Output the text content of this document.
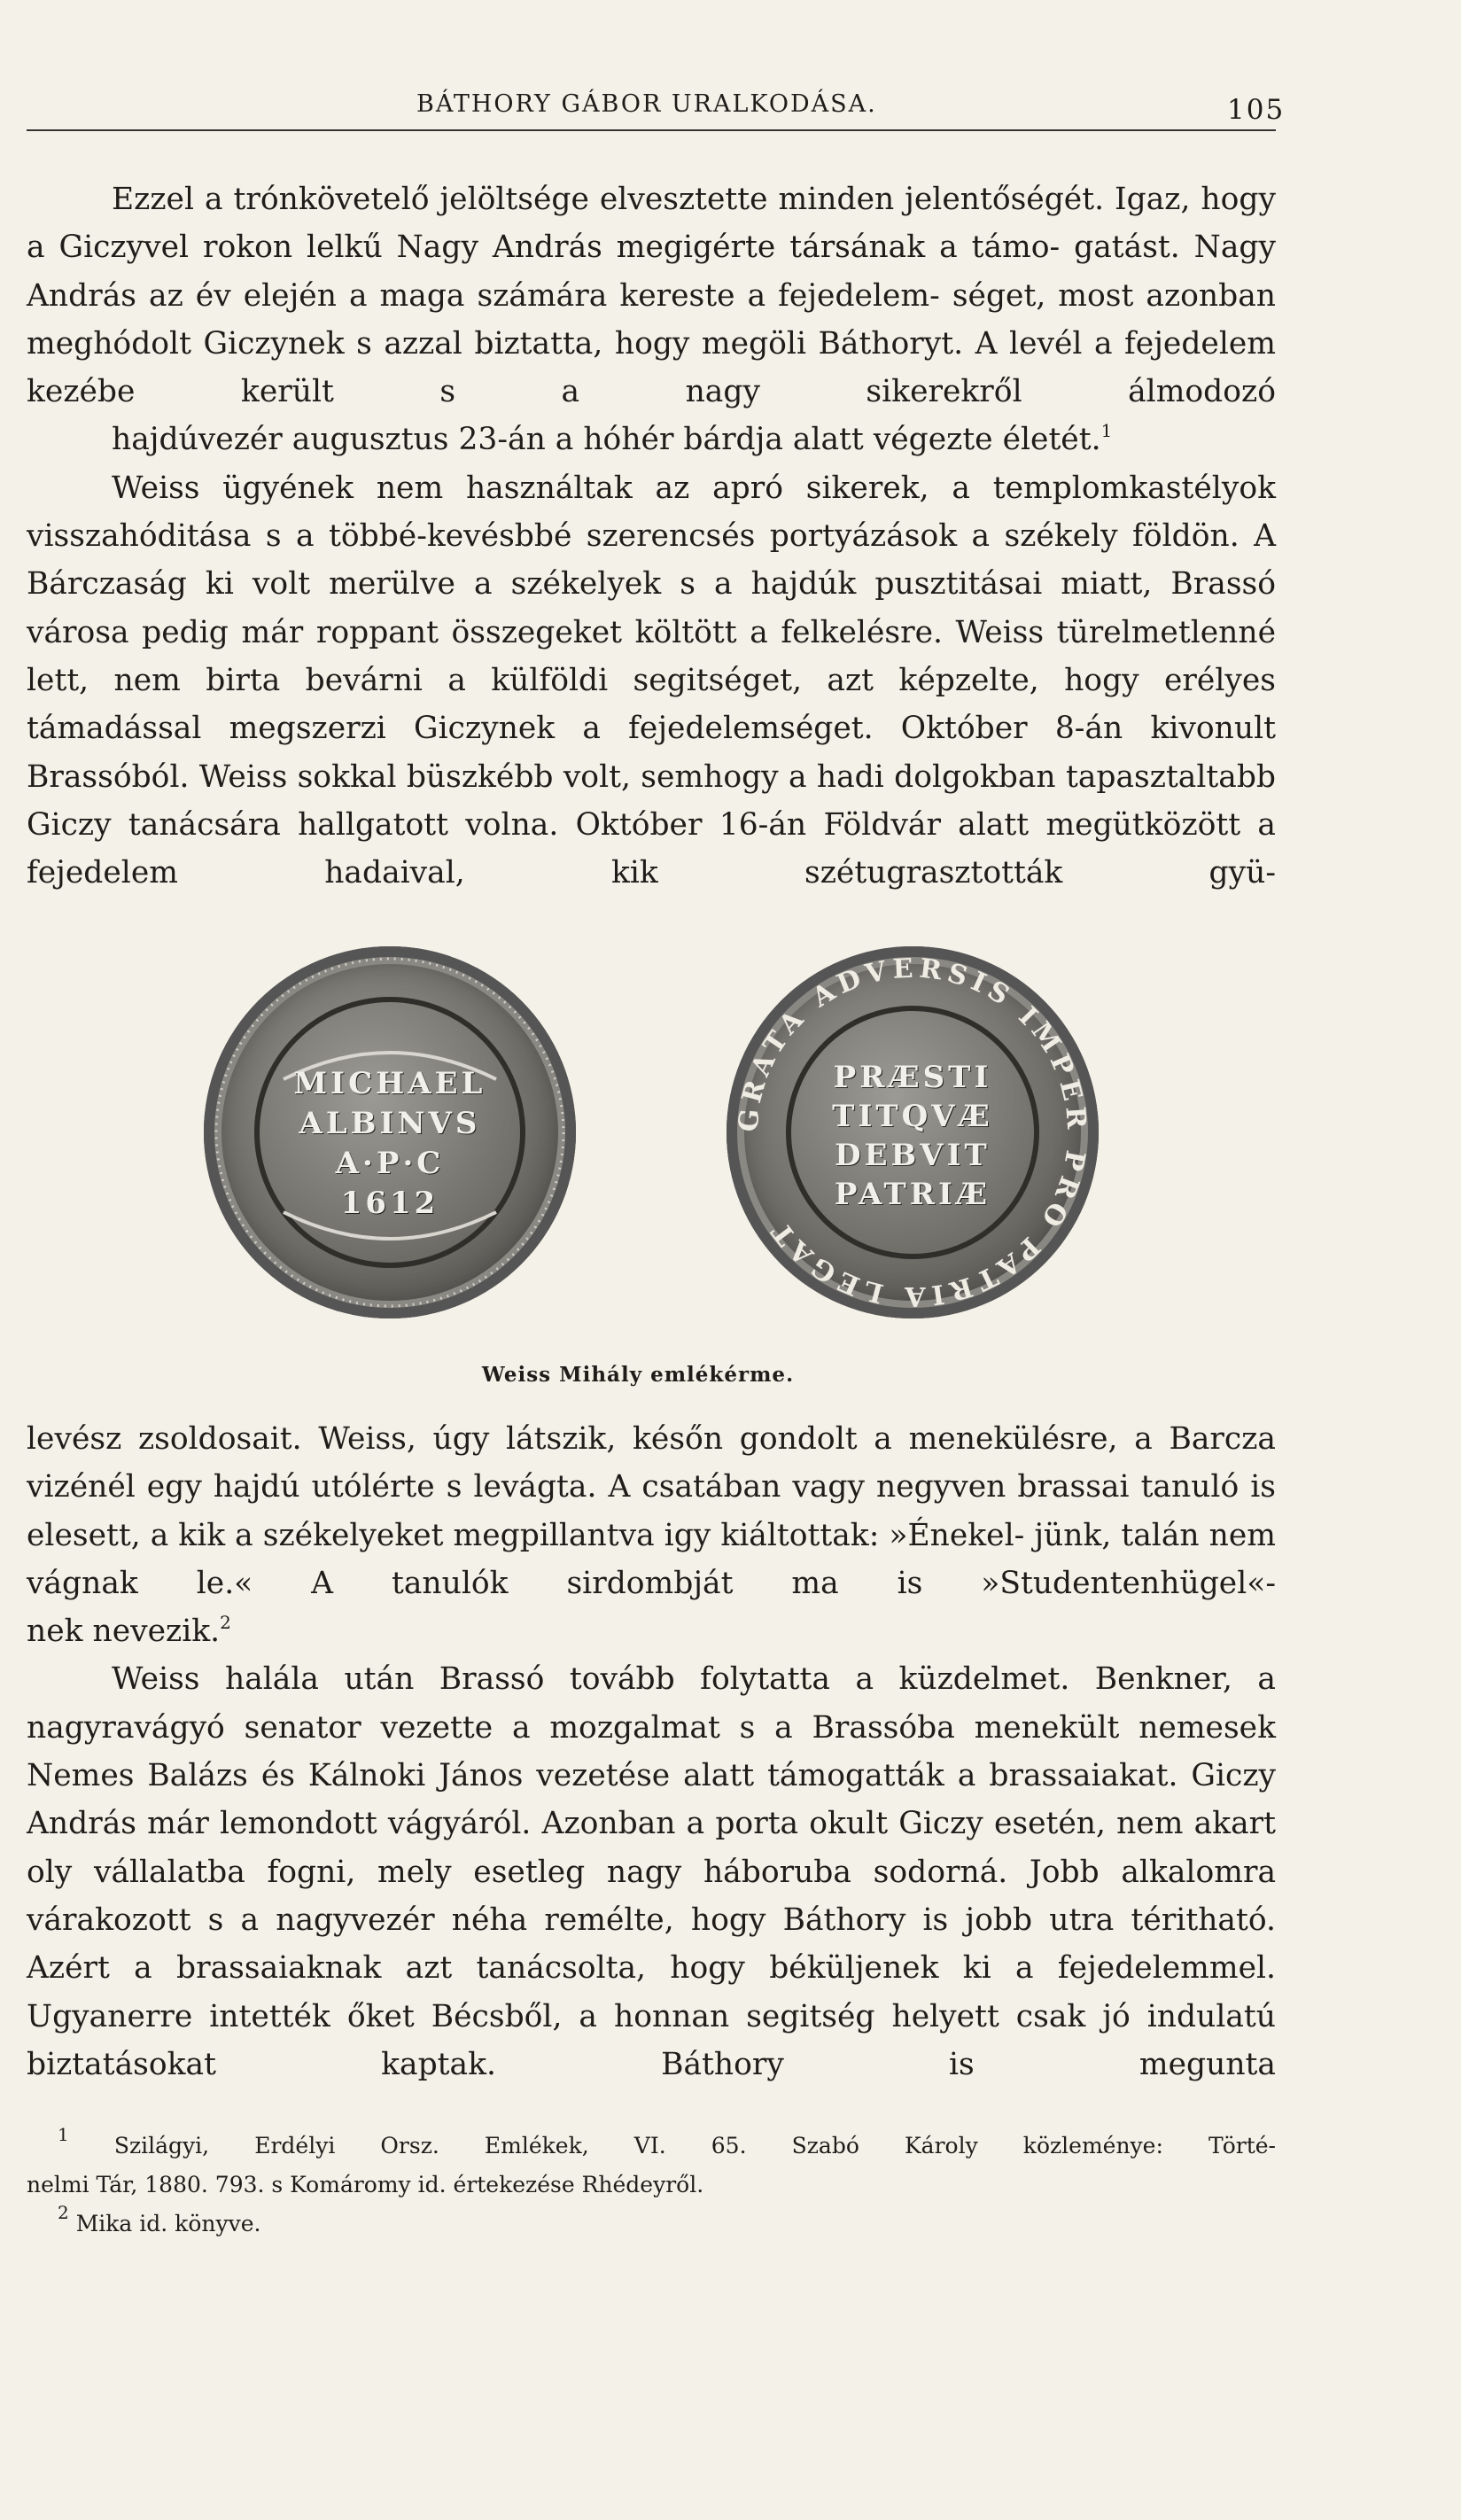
BÁTHORY GÁBOR URALKODÁSA.	105

Ezzel a trónkövetelő jelöltsége elvesztette minden jelentőségét. Igaz, hogy a Giczyvel rokon lelkű Nagy András megigérte társának a támo- gatást. Nagy András az év elején a maga számára kereste a fejedelem- séget, most azonban meghódolt Giczynek s azzal biztatta, hogy megöli Báthoryt. A levél a fejedelem kezébe került s a nagy sikerekről álmodozó
hajdúvezér augusztus 23-án a hóhér bárdja alatt végezte életét.$^1$

Weiss ügyének nem használtak az apró sikerek, a templomkastélyok visszahóditása s a többé-kevésbbé szerencsés portyázások a székely földön. A Bárczaság ki volt merülve a székelyek s a hajdúk pusztitásai miatt, Brassó városa pedig már roppant összegeket költött a felkelésre. Weiss türelmetlenné lett, nem birta bevárni a külföldi segitséget, azt képzelte, hogy erélyes támadással megszerzi Giczynek a fejedelemséget. Október 8-án kivonult Brassóból. Weiss sokkal büszkébb volt, semhogy a hadi dolgokban tapasztaltabb Giczy tanácsára hallgatott volna. Október 16-án Földvár alatt megütközött a fejedelem hadaival, kik szétugrasztották gyü-

MICHAEL
ALBINVS
A·P·C
1612
GRATA ADVERSIS IMPER PRO PATRIA LEGAT
PRÆSTI
TITQVÆ
DEBVIT
PATRIÆ
Weiss Mihály emlékérme.

levész zsoldosait. Weiss, úgy látszik, későn gondolt a menekülésre, a Barcza vizénél egy hajdú utólérte s levágta. A csatában vagy negyven brassai tanuló is elesett, a kik a székelyeket megpillantva igy kiáltottak: »Énekel- jünk, talán nem vágnak le.« A tanulók sirdombját ma is »Studentenhügel«-
nek nevezik.$^2$

Weiss halála után Brassó tovább folytatta a küzdelmet. Benkner, a nagyravágyó senator vezette a mozgalmat s a Brassóba menekült nemesek Nemes Balázs és Kálnoki János vezetése alatt támogatták a brassaiakat. Giczy András már lemondott vágyáról. Azonban a porta okult Giczy esetén, nem akart oly vállalatba fogni, mely esetleg nagy háboruba sodorná. Jobb alkalomra várakozott s a nagyvezér néha remélte, hogy Báthory is jobb utra téritható. Azért a brassaiaknak azt tanácsolta, hogy béküljenek ki a fejedelemmel. Ugyanerre intették őket Bécsből, a honnan segitség helyett csak jó indulatú biztatásokat kaptak. Báthory is megunta

$^1$ Szilágyi, Erdélyi Orsz. Emlékek, VI. 65. Szabó Károly közleménye: Törté-

nelmi Tár, 1880. 793. s Komáromy id. értekezése Rhédeyről.

$^2$ Mika id. könyve.
